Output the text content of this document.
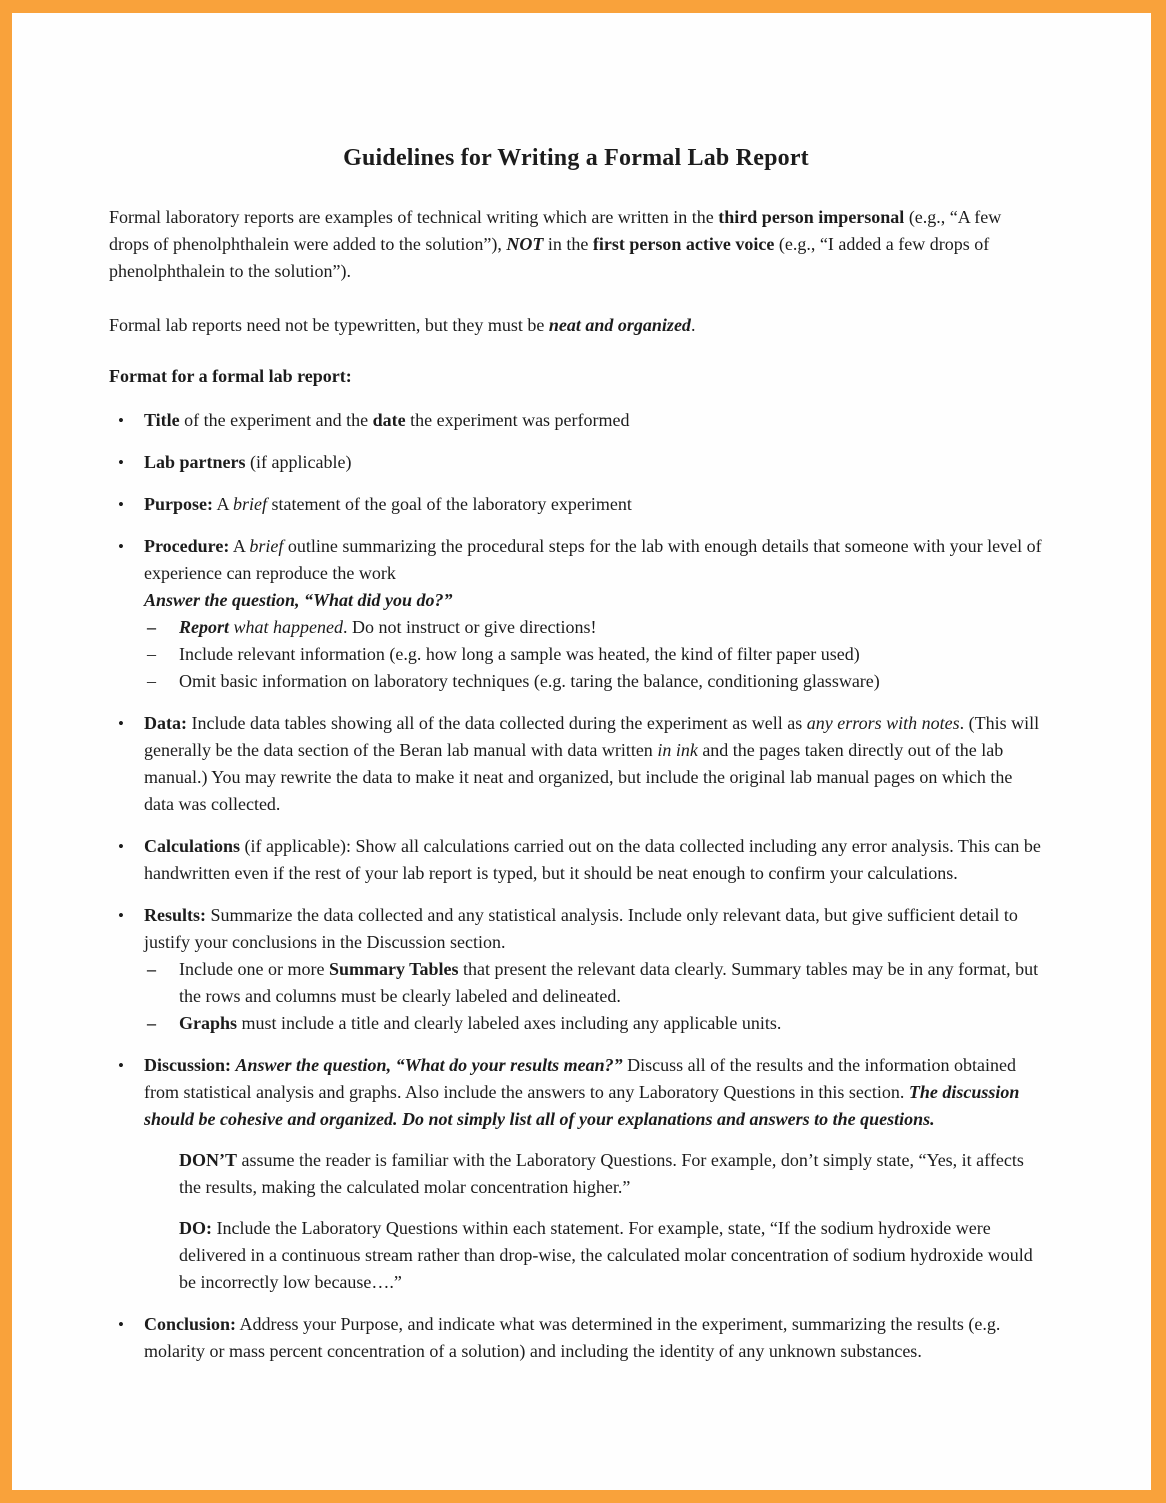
Guidelines for Writing a Formal Lab Report

Formal laboratory reports are examples of technical writing which are written in the third person impersonal (e.g., “A few drops of phenolphthalein were added to the solution”), NOT in the first person active voice (e.g., “I added a few drops of phenolphthalein to the solution”).

Formal lab reports need not be typewritten, but they must be neat and organized.

Format for a formal lab report:
•	Title of the experiment and the date the experiment was performed
•	Lab partners (if applicable)
•	Purpose: A brief statement of the goal of the laboratory experiment
•	Procedure: A brief outline summarizing the procedural steps for the lab with enough details that someone with your level of experience can reproduce the work
Answer the question, “What did you do?”
–	Report what happened. Do not instruct or give directions!
–	Include relevant information (e.g. how long a sample was heated, the kind of filter paper used)
–	Omit basic information on laboratory techniques (e.g. taring the balance, conditioning glassware)
•	Data: Include data tables showing all of the data collected during the experiment as well as any errors with notes. (This will generally be the data section of the Beran lab manual with data written in ink and the pages taken directly out of the lab manual.) You may rewrite the data to make it neat and organized, but include the original lab manual pages on which the data was collected.
•	Calculations (if applicable): Show all calculations carried out on the data collected including any error analysis. This can be handwritten even if the rest of your lab report is typed, but it should be neat enough to confirm your calculations.
•	Results: Summarize the data collected and any statistical analysis. Include only relevant data, but give sufficient detail to justify your conclusions in the Discussion section.
–	Include one or more Summary Tables that present the relevant data clearly. Summary tables may be in any format, but the rows and columns must be clearly labeled and delineated.
–	Graphs must include a title and clearly labeled axes including any applicable units.
•	Discussion: Answer the question, “What do your results mean?” Discuss all of the results and the information obtained from statistical analysis and graphs. Also include the answers to any Laboratory Questions in this section. The discussion should be cohesive and organized. Do not simply list all of your explanations and answers to the questions.
DON’T assume the reader is familiar with the Laboratory Questions. For example, don’t simply state, “Yes, it affects the results, making the calculated molar concentration higher.”
DO: Include the Laboratory Questions within each statement. For example, state, “If the sodium hydroxide were delivered in a continuous stream rather than drop-wise, the calculated molar concentration of sodium hydroxide would be incorrectly low because….”
•	Conclusion: Address your Purpose, and indicate what was determined in the experiment, summarizing the results (e.g. molarity or mass percent concentration of a solution) and including the identity of any unknown substances.
